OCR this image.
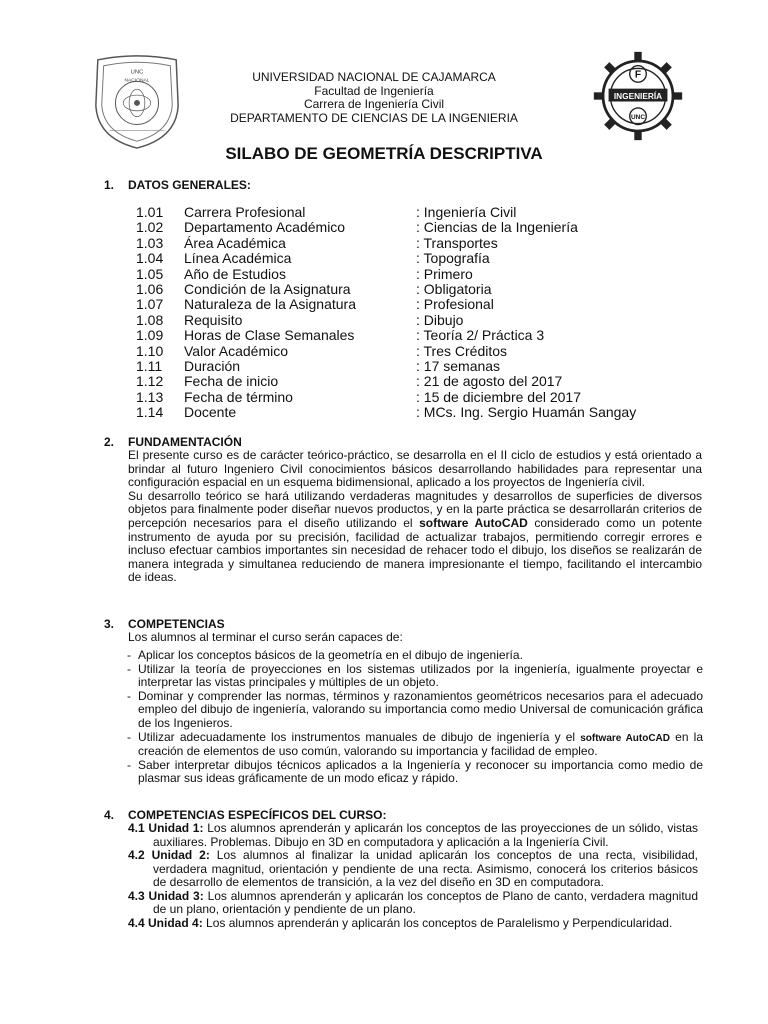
UNC
NACIONAL
F
INGENIERÍA
UNC
UNIVERSIDAD NACIONAL DE CAJAMARCA
Facultad de Ingeniería
Carrera de Ingeniería Civil
DEPARTAMENTO DE CIENCIAS DE LA INGENIERIA
SILABO DE GEOMETRÍA DESCRIPTIVA
1. DATOS GENERALES:
1.01	Carrera Profesional	: Ingeniería Civil
1.02	Departamento Académico	: Ciencias de la Ingeniería
1.03	Área Académica	: Transportes
1.04	Línea Académica	: Topografía
1.05	Año de Estudios	: Primero
1.06	Condición de la Asignatura	: Obligatoria
1.07	Naturaleza de la Asignatura	: Profesional
1.08	Requisito	: Dibujo
1.09	Horas de Clase Semanales	: Teoría 2/ Práctica 3
1.10	Valor Académico	: Tres Créditos
1.11	Duración	: 17 semanas
1.12	Fecha de inicio	: 21 de agosto del 2017
1.13	Fecha de término	: 15 de diciembre del 2017
1.14	Docente	: MCs. Ing. Sergio Huamán Sangay
2. FUNDAMENTACIÓN
El presente curso es de carácter teórico-práctico, se desarrolla en el II ciclo de estudios y está orientado a brindar al futuro Ingeniero Civil conocimientos básicos desarrollando habilidades para representar una configuración espacial en un esquema bidimensional, aplicado a los proyectos de Ingeniería civil.
Su desarrollo teórico se hará utilizando verdaderas magnitudes y desarrollos de superficies de diversos objetos para finalmente poder diseñar nuevos productos, y en la parte práctica se desarrollarán criterios de percepción necesarios para el diseño utilizando el software AutoCAD considerado como un potente instrumento de ayuda por su precisión, facilidad de actualizar trabajos, permitiendo corregir errores e incluso efectuar cambios importantes sin necesidad de rehacer todo el dibujo, los diseños se realizarán de manera integrada y simultanea reduciendo de manera impresionante el tiempo, facilitando el intercambio de ideas.
3. COMPETENCIAS
Los alumnos al terminar el curso serán capaces de:
- Aplicar los conceptos básicos de la geometría en el dibujo de ingeniería.
- Utilizar la teoría de proyecciones en los sistemas utilizados por la ingeniería, igualmente proyectar e interpretar las vistas principales y múltiples de un objeto.
- Dominar y comprender las normas, términos y razonamientos geométricos necesarios para el adecuado empleo del dibujo de ingeniería, valorando su importancia como medio Universal de comunicación gráfica de los Ingenieros.
- Utilizar adecuadamente los instrumentos manuales de dibujo de ingeniería y el software AutoCAD en la creación de elementos de uso común, valorando su importancia y facilidad de empleo.
- Saber interpretar dibujos técnicos aplicados a la Ingeniería y reconocer su importancia como medio de plasmar sus ideas gráficamente de un modo eficaz y rápido.
4. COMPETENCIAS ESPECÍFICOS DEL CURSO:
4.1 Unidad 1: Los alumnos aprenderán y aplicarán los conceptos de las proyecciones de un sólido, vistas auxiliares. Problemas. Dibujo en 3D en computadora y aplicación a la Ingeniería Civil.
4.2 Unidad 2: Los alumnos al finalizar la unidad aplicarán los conceptos de una recta, visibilidad, verdadera magnitud, orientación y pendiente de una recta. Asimismo, conocerá los criterios básicos de desarrollo de elementos de transición, a la vez del diseño en 3D en computadora.
4.3 Unidad 3: Los alumnos aprenderán y aplicarán los conceptos de Plano de canto, verdadera magnitud de un plano, orientación y pendiente de un plano.
4.4 Unidad 4: Los alumnos aprenderán y aplicarán los conceptos de Paralelismo y Perpendicularidad.
